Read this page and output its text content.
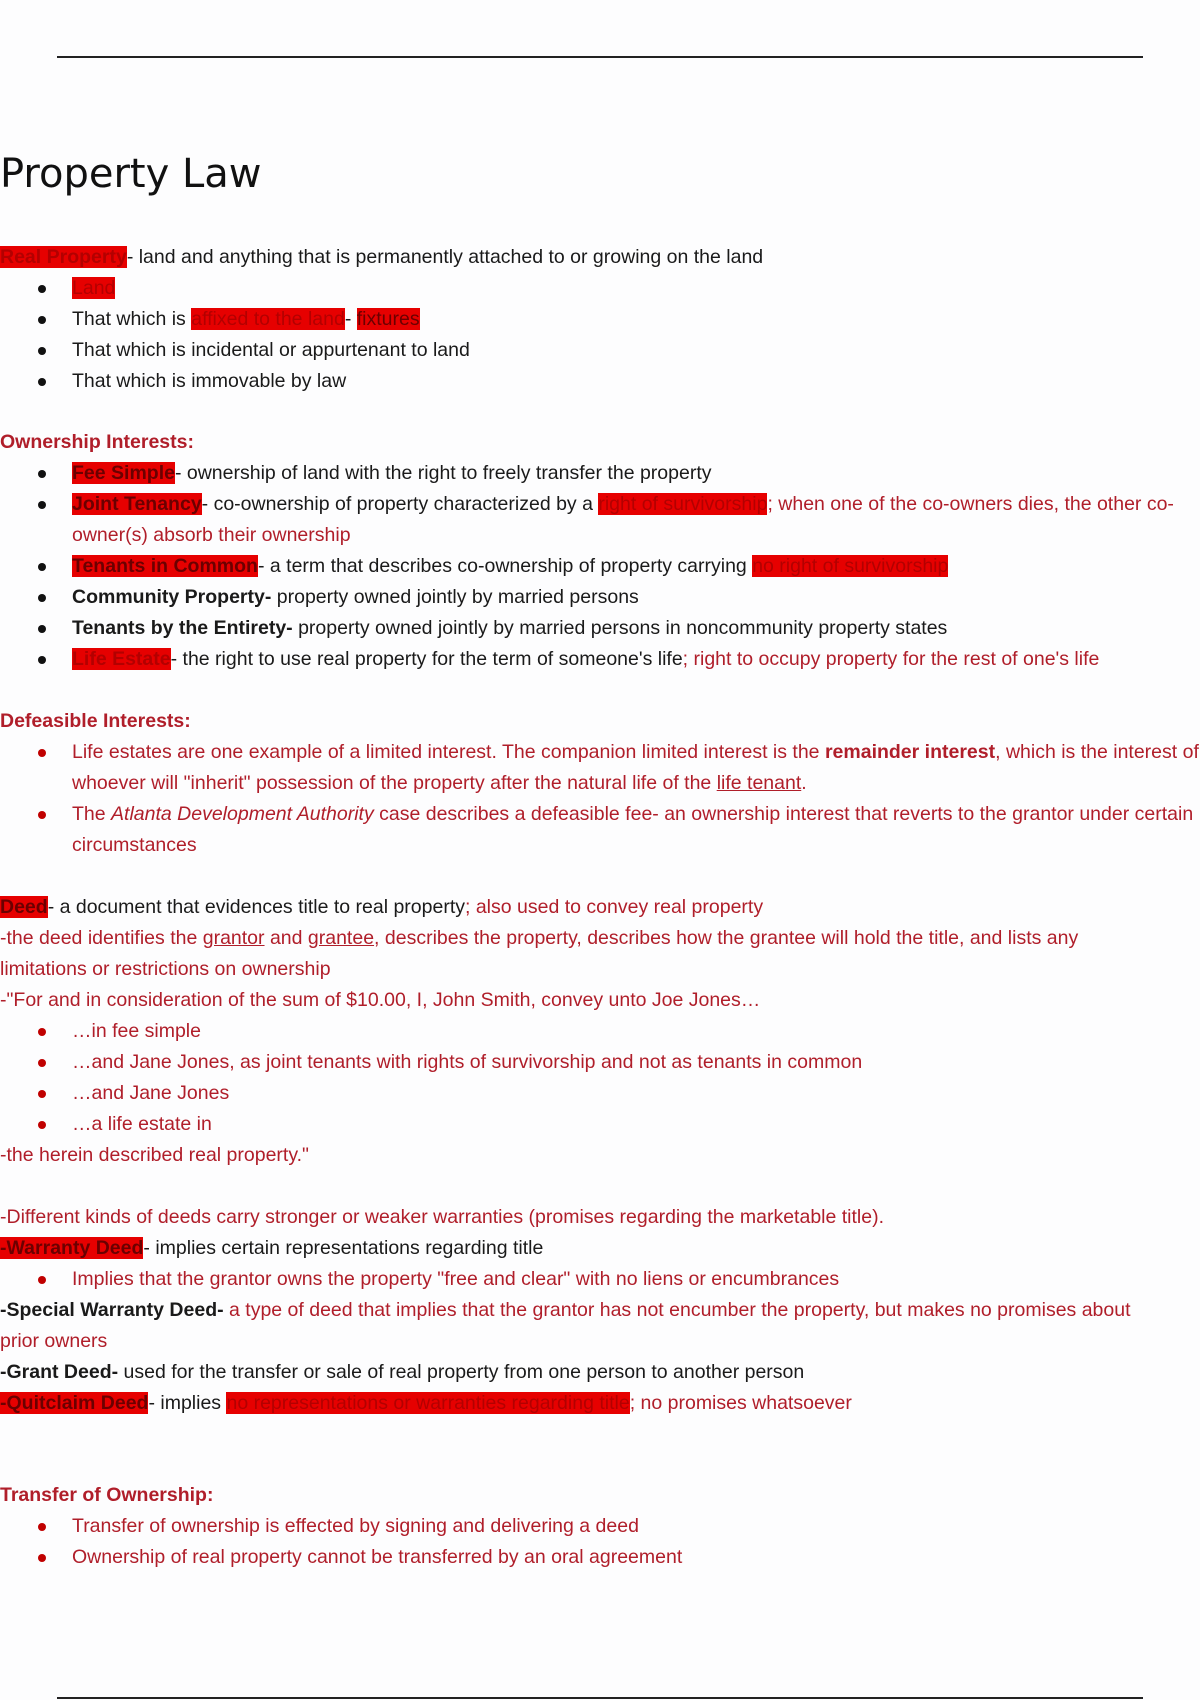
Property Law
Real Property- land and anything that is permanently attached to or growing on the land
Land
That which is affixed to the land- fixtures
That which is incidental or appurtenant to land
That which is immovable by law
Ownership Interests:
Fee Simple- ownership of land with the right to freely transfer the property
Joint Tenancy- co-ownership of property characterized by a right of survivorship; when one of the co-owners dies, the other co-owner(s) absorb their ownership
Tenants in Common- a term that describes co-ownership of property carrying no right of survivorship
Community Property- property owned jointly by married persons
Tenants by the Entirety- property owned jointly by married persons in noncommunity property states
Life Estate- the right to use real property for the term of someone's life; right to occupy property for the rest of one's life
Defeasible Interests:
Life estates are one example of a limited interest. The companion limited interest is the remainder interest, which is the interest of whoever will "inherit" possession of the property after the natural life of the life tenant.
The Atlanta Development Authority case describes a defeasible fee- an ownership interest that reverts to the grantor under certain circumstances
Deed- a document that evidences title to real property; also used to convey real property
-the deed identifies the grantor and grantee, describes the property, describes how the grantee will hold the title, and lists any limitations or restrictions on ownership
-"For and in consideration of the sum of $10.00, I, John Smith, convey unto Joe Jones…
…in fee simple
…and Jane Jones, as joint tenants with rights of survivorship and not as tenants in common
…and Jane Jones
…a life estate in
-the herein described real property."
-Different kinds of deeds carry stronger or weaker warranties (promises regarding the marketable title).
-Warranty Deed- implies certain representations regarding title
Implies that the grantor owns the property "free and clear" with no liens or encumbrances
-Special Warranty Deed- a type of deed that implies that the grantor has not encumber the property, but makes no promises about prior owners
-Grant Deed- used for the transfer or sale of real property from one person to another person
-Quitclaim Deed- implies no representations or warranties regarding title; no promises whatsoever
Transfer of Ownership:
Transfer of ownership is effected by signing and delivering a deed
Ownership of real property cannot be transferred by an oral agreement
